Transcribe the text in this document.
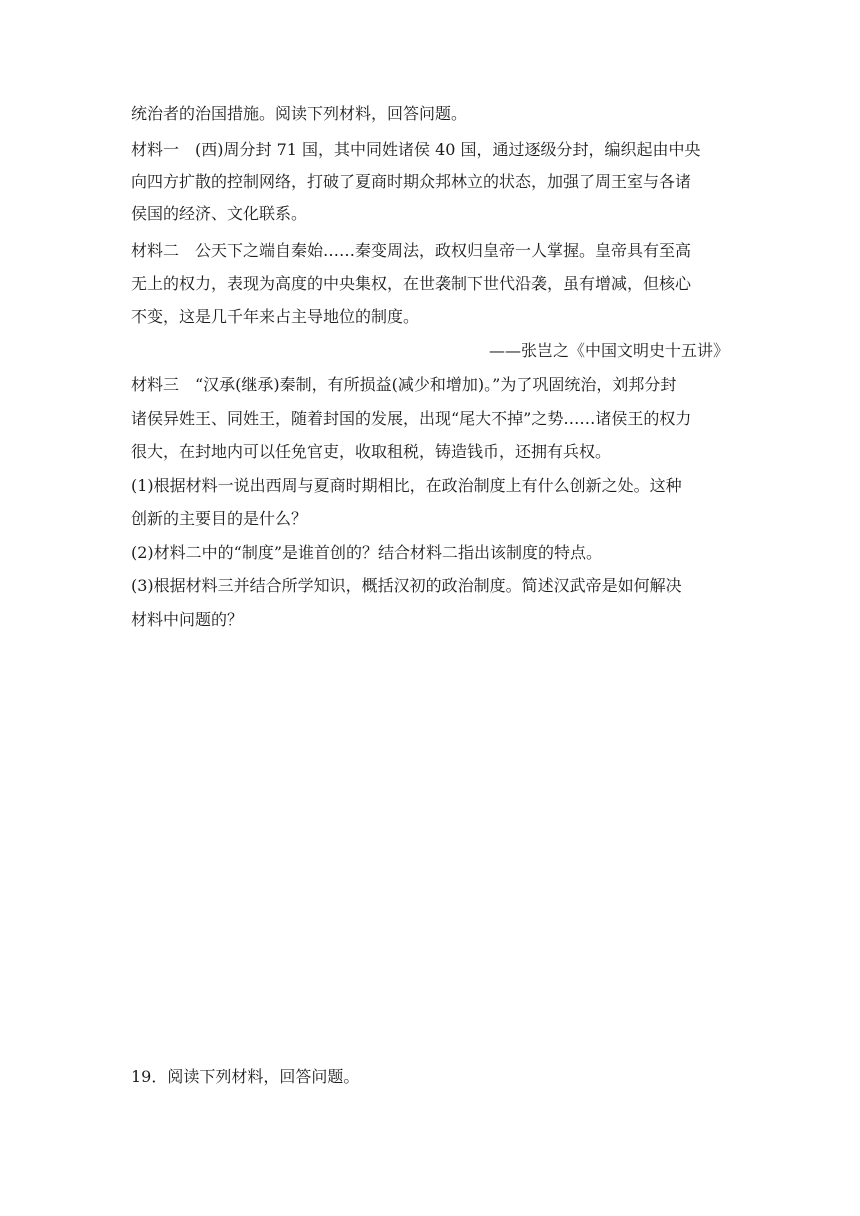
统治者的治国措施。阅读下列材料，回答问题。
材料一　(西)周分封 71 国，其中同姓诸侯 40 国，通过逐级分封，编织起由中央
向四方扩散的控制网络，打破了夏商时期众邦林立的状态，加强了周王室与各诸
侯国的经济、文化联系。
材料二　公天下之端自秦始……秦变周法，政权归皇帝一人掌握。皇帝具有至高
无上的权力，表现为高度的中央集权，在世袭制下世代沿袭，虽有增减，但核心
不变，这是几千年来占主导地位的制度。
——张岂之《中国文明史十五讲》
材料三　“汉承(继承)秦制，有所损益(减少和增加)。”为了巩固统治，刘邦分封
诸侯异姓王、同姓王，随着封国的发展，出现“尾大不掉”之势……诸侯王的权力
很大，在封地内可以任免官吏，收取租税，铸造钱币，还拥有兵权。
(1)根据材料一说出西周与夏商时期相比，在政治制度上有什么创新之处。这种
创新的主要目的是什么？
(2)材料二中的“制度”是谁首创的？结合材料二指出该制度的特点。
(3)根据材料三并结合所学知识，概括汉初的政治制度。简述汉武帝是如何解决
材料中问题的？
19．阅读下列材料，回答问题。
